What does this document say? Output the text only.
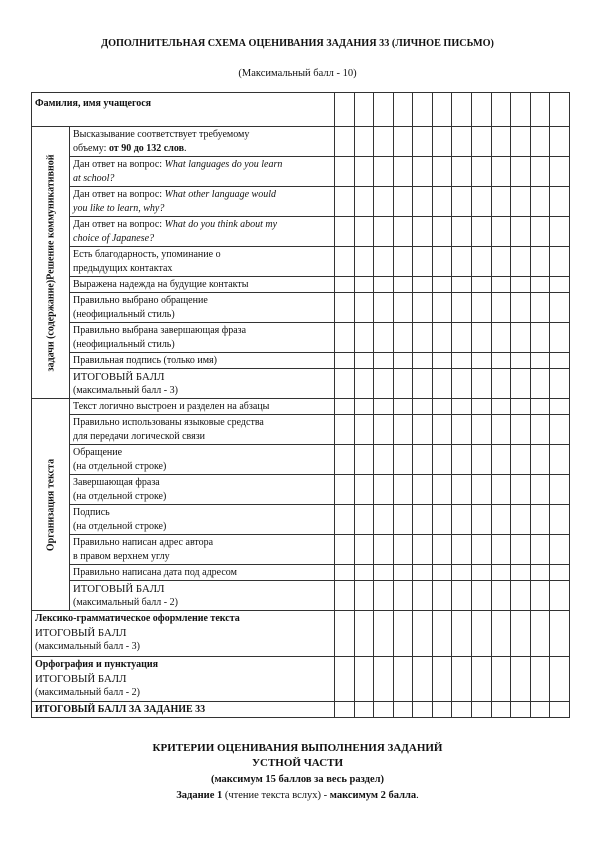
ДОПОЛНИТЕЛЬНАЯ СХЕМА ОЦЕНИВАНИЯ ЗАДАНИЯ 33 (ЛИЧНОЕ ПИСЬМО)
(Максимальный балл - 10)
Фамилия, имя учащегося													

задачи (содержание)Решение коммуникативной	Высказывание соответствует требуемому
объему: от 90 до 132 слов.												

	Дан ответ на вопрос: What languages do you learn
at school?												

	Дан ответ на вопрос: What other language would
you like to learn, why?												

	Дан ответ на вопрос: What do you think about my
choice of Japanese?												

	Есть благодарность, упоминание о
предыдущих контактах												

	Выражена надежда на будущие контакты												

	Правильно выбрано обращение
(неофициальный стиль)												

	Правильно выбрана завершающая фраза
(неофициальный стиль)												

	Правильная подпись (только имя)												

	ИТОГОВЫЙ БАЛЛ
(максимальный балл - 3)												

Организация текста	Текст логично выстроен и разделен на абзацы												

	Правильно использованы языковые средства
для передачи логической связи												

	Обращение
(на отдельной строке)												

	Завершающая фраза
(на отдельной строке)												

	Подпись
(на отдельной строке)												

	Правильно написан адрес автора
в правом верхнем углу												

	Правильно написана дата под адресом												

	ИТОГОВЫЙ БАЛЛ
(максимальный балл - 2)												

Лексико-грамматическое оформление текста
ИТОГОВЫЙ БАЛЛ
(максимальный балл - 3)													

Орфография и пунктуация
ИТОГОВЫЙ БАЛЛ
(максимальный балл - 2)													

ИТОГОВЫЙ БАЛЛ ЗА ЗАДАНИЕ 33													
КРИТЕРИИ ОЦЕНИВАНИЯ ВЫПОЛНЕНИЯ ЗАДАНИЙ
УСТНОЙ ЧАСТИ
(максимум 15 баллов за весь раздел)
Задание 1 (чтение текста вслух) - максимум 2 балла.
